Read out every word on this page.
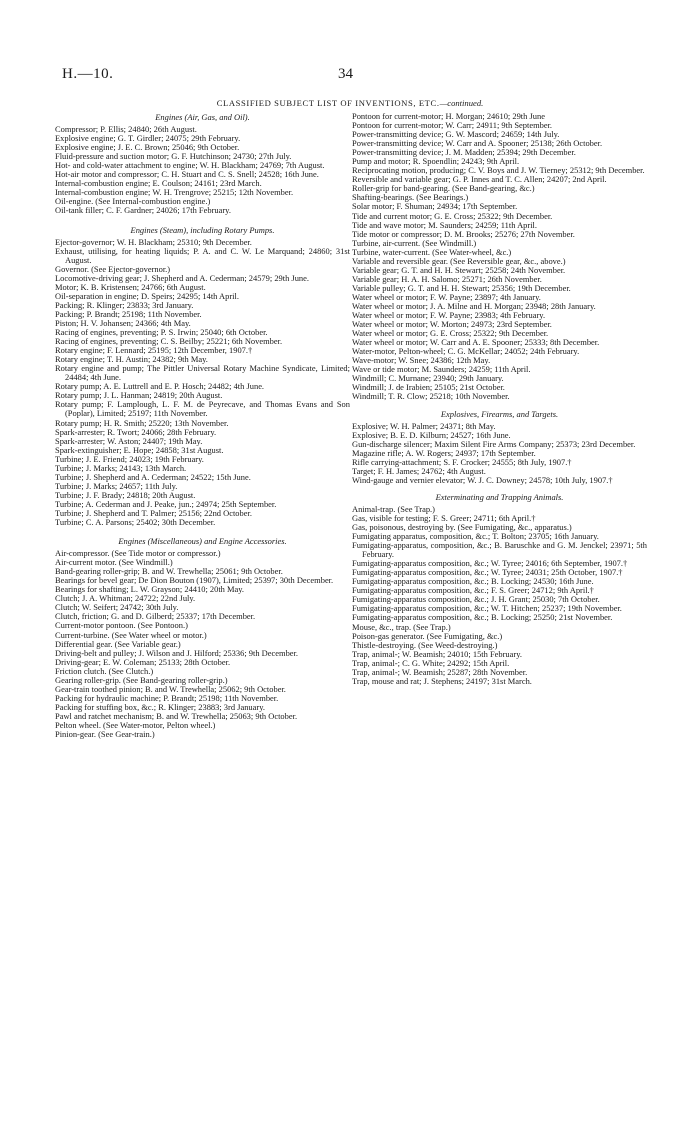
H.—10.	34
CLASSIFIED SUBJECT LIST OF INVENTIONS, ETC.—continued.
Engines (Air, Gas, and Oil).
Compressor; P. Ellis; 24840; 26th August.
Explosive engine; G. T. Girdler; 24075; 29th February.
Explosive engine; J. E. C. Brown; 25046; 9th October.
Fluid-pressure and suction motor; G. F. Hutchinson; 24730; 27th July.
Hot- and cold-water attachment to engine; W. H. Blackham; 24769; 7th August.
Hot-air motor and compressor; C. H. Stuart and C. S. Snell; 24528; 16th June.
Internal-combustion engine; E. Coulson; 24161; 23rd March.
Internal-combustion engine; W. H. Trengrove; 25215; 12th November.
Oil-engine. (See Internal-combustion engine.)
Oil-tank filler; C. F. Gardner; 24026; 17th February.
Engines (Steam), including Rotary Pumps.
Ejector-governor; W. H. Blackham; 25310; 9th December.
Exhaust, utilising, for heating liquids; P. A. and C. W. Le Marquand; 24860; 31st August.
Governor. (See Ejector-governor.)
Locomotive-driving gear; J. Shepherd and A. Cederman; 24579; 29th June.
Motor; K. B. Kristensen; 24766; 6th August.
Oil-separation in engine; D. Speirs; 24295; 14th April.
Packing; R. Klinger; 23833; 3rd January.
Packing; P. Brandt; 25198; 11th November.
Piston; H. V. Johansen; 24366; 4th May.
Racing of engines, preventing; P. S. Irwin; 25040; 6th October.
Racing of engines, preventing; C. S. Beilby; 25221; 6th November.
Rotary engine; F. Lennard; 25195; 12th December, 1907.†
Rotary engine; T. H. Austin; 24382; 9th May.
Rotary engine and pump; The Pittler Universal Rotary Machine Syndicate, Limited; 24484; 4th June.
Rotary pump; A. E. Luttrell and E. P. Hosch; 24482; 4th June.
Rotary pump; J. L. Hanman; 24819; 20th August.
Rotary pump; F. Lamplough, L. F. M. de Peyrecave, and Thomas Evans and Son (Poplar), Limited; 25197; 11th November.
Rotary pump; H. R. Smith; 25220; 13th November.
Spark-arrester; R. Twort; 24066; 28th February.
Spark-arrester; W. Aston; 24407; 19th May.
Spark-extinguisher; E. Hope; 24858; 31st August.
Turbine; J. E. Friend; 24023; 19th February.
Turbine; J. Marks; 24143; 13th March.
Turbine; J. Shepherd and A. Cederman; 24522; 15th June.
Turbine; J. Marks; 24657; 11th July.
Turbine; J. F. Brady; 24818; 20th August.
Turbine; A. Cederman and J. Peake, jun.; 24974; 25th September.
Turbine; J. Shepherd and T. Palmer; 25156; 22nd October.
Turbine; C. A. Parsons; 25402; 30th December.
Engines (Miscellaneous) and Engine Accessories.
Air-compressor. (See Tide motor or compressor.)
Air-current motor. (See Windmill.)
Band-gearing roller-grip; B. and W. Trewhella; 25061; 9th October.
Bearings for bevel gear; De Dion Bouton (1907), Limited; 25397; 30th December.
Bearings for shafting; L. W. Grayson; 24410; 20th May.
Clutch; J. A. Whitman; 24722; 22nd July.
Clutch; W. Seifert; 24742; 30th July.
Clutch, friction; G. and D. Gilberd; 25337; 17th December.
Current-motor pontoon. (See Pontoon.)
Current-turbine. (See Water wheel or motor.)
Differential gear. (See Variable gear.)
Driving-belt and pulley; J. Wilson and J. Hilford; 25336; 9th December.
Driving-gear; E. W. Coleman; 25133; 28th October.
Friction clutch. (See Clutch.)
Gearing roller-grip. (See Band-gearing roller-grip.)
Gear-train toothed pinion; B. and W. Trewhella; 25062; 9th October.
Packing for hydraulic machine; P. Brandt; 25198; 11th November.
Packing for stuffing box, &c.; R. Klinger; 23883; 3rd January.
Pawl and ratchet mechanism; B. and W. Trewhella; 25063; 9th October.
Pelton wheel. (See Water-motor, Pelton wheel.)
Pinion-gear. (See Gear-train.)
Pontoon for current-motor; H. Morgan; 24610; 29th June
Pontoon for current-motor; W. Carr; 24911; 9th September.
Power-transmitting device; G. W. Mascord; 24659; 14th July.
Power-transmitting device; W. Carr and A. Spooner; 25138; 26th October.
Power-transmitting device; J. M. Madden; 25394; 29th December.
Pump and motor; R. Spoendlin; 24243; 9th April.
Reciprocating motion, producing; C. V. Boys and J. W. Tierney; 25312; 9th December.
Reversible and variable gear; G. P. Innes and T. C. Allen; 24207; 2nd April.
Roller-grip for band-gearing. (See Band-gearing, &c.)
Shafting-bearings. (See Bearings.)
Solar motor; F. Shuman; 24934; 17th September.
Tide and current motor; G. E. Cross; 25322; 9th December.
Tide and wave motor; M. Saunders; 24259; 11th April.
Tide motor or compressor; D. M. Brooks; 25276; 27th November.
Turbine, air-current. (See Windmill.)
Turbine, water-current. (See Water-wheel, &c.)
Variable and reversible gear. (See Reversible gear, &c., above.)
Variable gear; G. T. and H. H. Stewart; 25258; 24th November.
Variable gear; H. A. H. Salomo; 25271; 26th November.
Variable pulley; G. T. and H. H. Stewart; 25356; 19th December.
Water wheel or motor; F. W. Payne; 23897; 4th January.
Water wheel or motor; J. A. Milne and H. Morgan; 23948; 28th January.
Water wheel or motor; F. W. Payne; 23983; 4th February.
Water wheel or motor; W. Morton; 24973; 23rd September.
Water wheel or motor; G. E. Cross; 25322; 9th December.
Water wheel or motor; W. Carr and A. E. Spooner; 25333; 8th December.
Water-motor, Pelton-wheel; C. G. McKellar; 24052; 24th February.
Wave-motor; W. Snee; 24386; 12th May.
Wave or tide motor; M. Saunders; 24259; 11th April.
Windmill; C. Murnane; 23940; 29th January.
Windmill; J. de Irabien; 25105; 21st October.
Windmill; T. R. Clow; 25218; 10th November.
Explosives, Firearms, and Targets.
Explosive; W. H. Palmer; 24371; 8th May.
Explosive; B. E. D. Kilburn; 24527; 16th June.
Gun-discharge silencer; Maxim Silent Fire Arms Company; 25373; 23rd December.
Magazine rifle; A. W. Rogers; 24937; 17th September.
Rifle carrying-attachment; S. F. Crocker; 24555; 8th July, 1907.†
Target; F. H. James; 24762; 4th August.
Wind-gauge and vernier elevator; W. J. C. Downey; 24578; 10th July, 1907.†
Exterminating and Trapping Animals.
Animal-trap. (See Trap.)
Gas, visible for testing; F. S. Greer; 24711; 6th April.†
Gas, poisonous, destroying by. (See Fumigating, &c., apparatus.)
Fumigating apparatus, composition, &c.; T. Bolton; 23705; 16th January.
Fumigating-apparatus, composition, &c.; B. Baruschke and G. M. Jenckel; 23971; 5th February.
Fumigating-apparatus composition, &c.; W. Tyree; 24016; 6th September, 1907.†
Fumigating-apparatus composition, &c.; W. Tyree; 24031; 25th October, 1907.†
Fumigating-apparatus composition, &c.; B. Locking; 24530; 16th June.
Fumigating-apparatus composition, &c.; F. S. Greer; 24712; 9th April.†
Fumigating-apparatus composition, &c.; J. H. Grant; 25030; 7th October.
Fumigating-apparatus composition, &c.; W. T. Hitchen; 25237; 19th November.
Fumigating-apparatus composition, &c.; B. Locking; 25250; 21st November.
Mouse, &c., trap. (See Trap.)
Poison-gas generator. (See Fumigating, &c.)
Thistle-destroying. (See Weed-destroying.)
Trap, animal-; W. Beamish; 24010; 15th February.
Trap, animal-; C. G. White; 24292; 15th April.
Trap, animal-; W. Beamish; 25287; 28th November.
Trap, mouse and rat; J. Stephens; 24197; 31st March.
